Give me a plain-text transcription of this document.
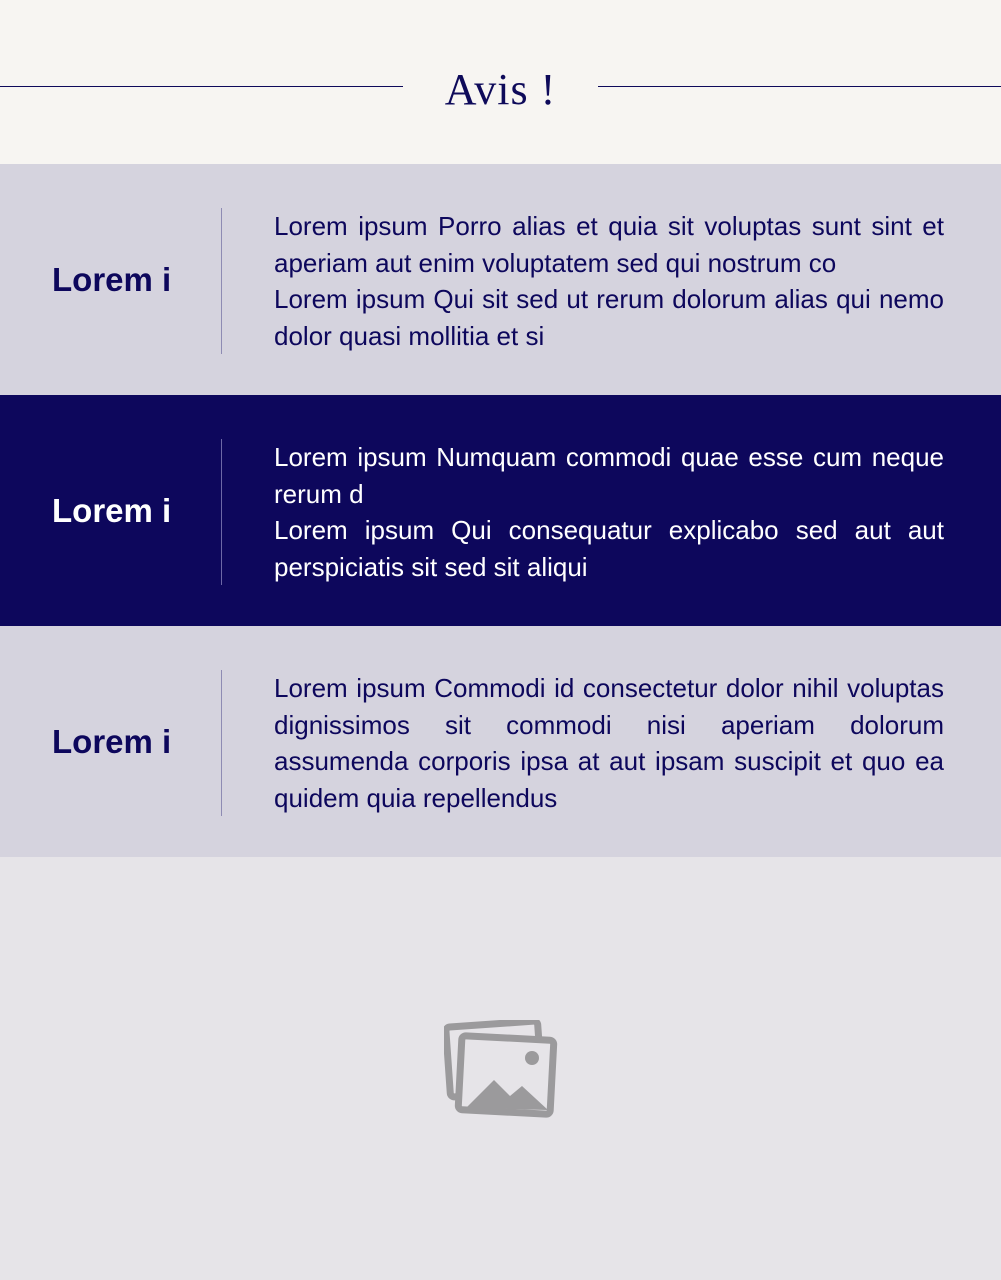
Avis !
Lorem i

Lorem ipsum Porro alias et quia sit voluptas sunt sint et aperiam aut enim voluptatem sed qui nostrum co
Lorem ipsum Qui sit sed ut rerum dolorum alias qui nemo dolor quasi mollitia et si

Lorem i

Lorem ipsum Numquam commodi quae esse cum neque rerum d
Lorem ipsum Qui consequatur explicabo sed aut aut perspiciatis sit sed sit aliqui

Lorem i

Lorem ipsum Commodi id consectetur dolor nihil voluptas dignissimos sit commodi nisi aperiam dolorum assumenda corporis ipsa at aut ipsam suscipit et quo ea quidem quia repellendus
